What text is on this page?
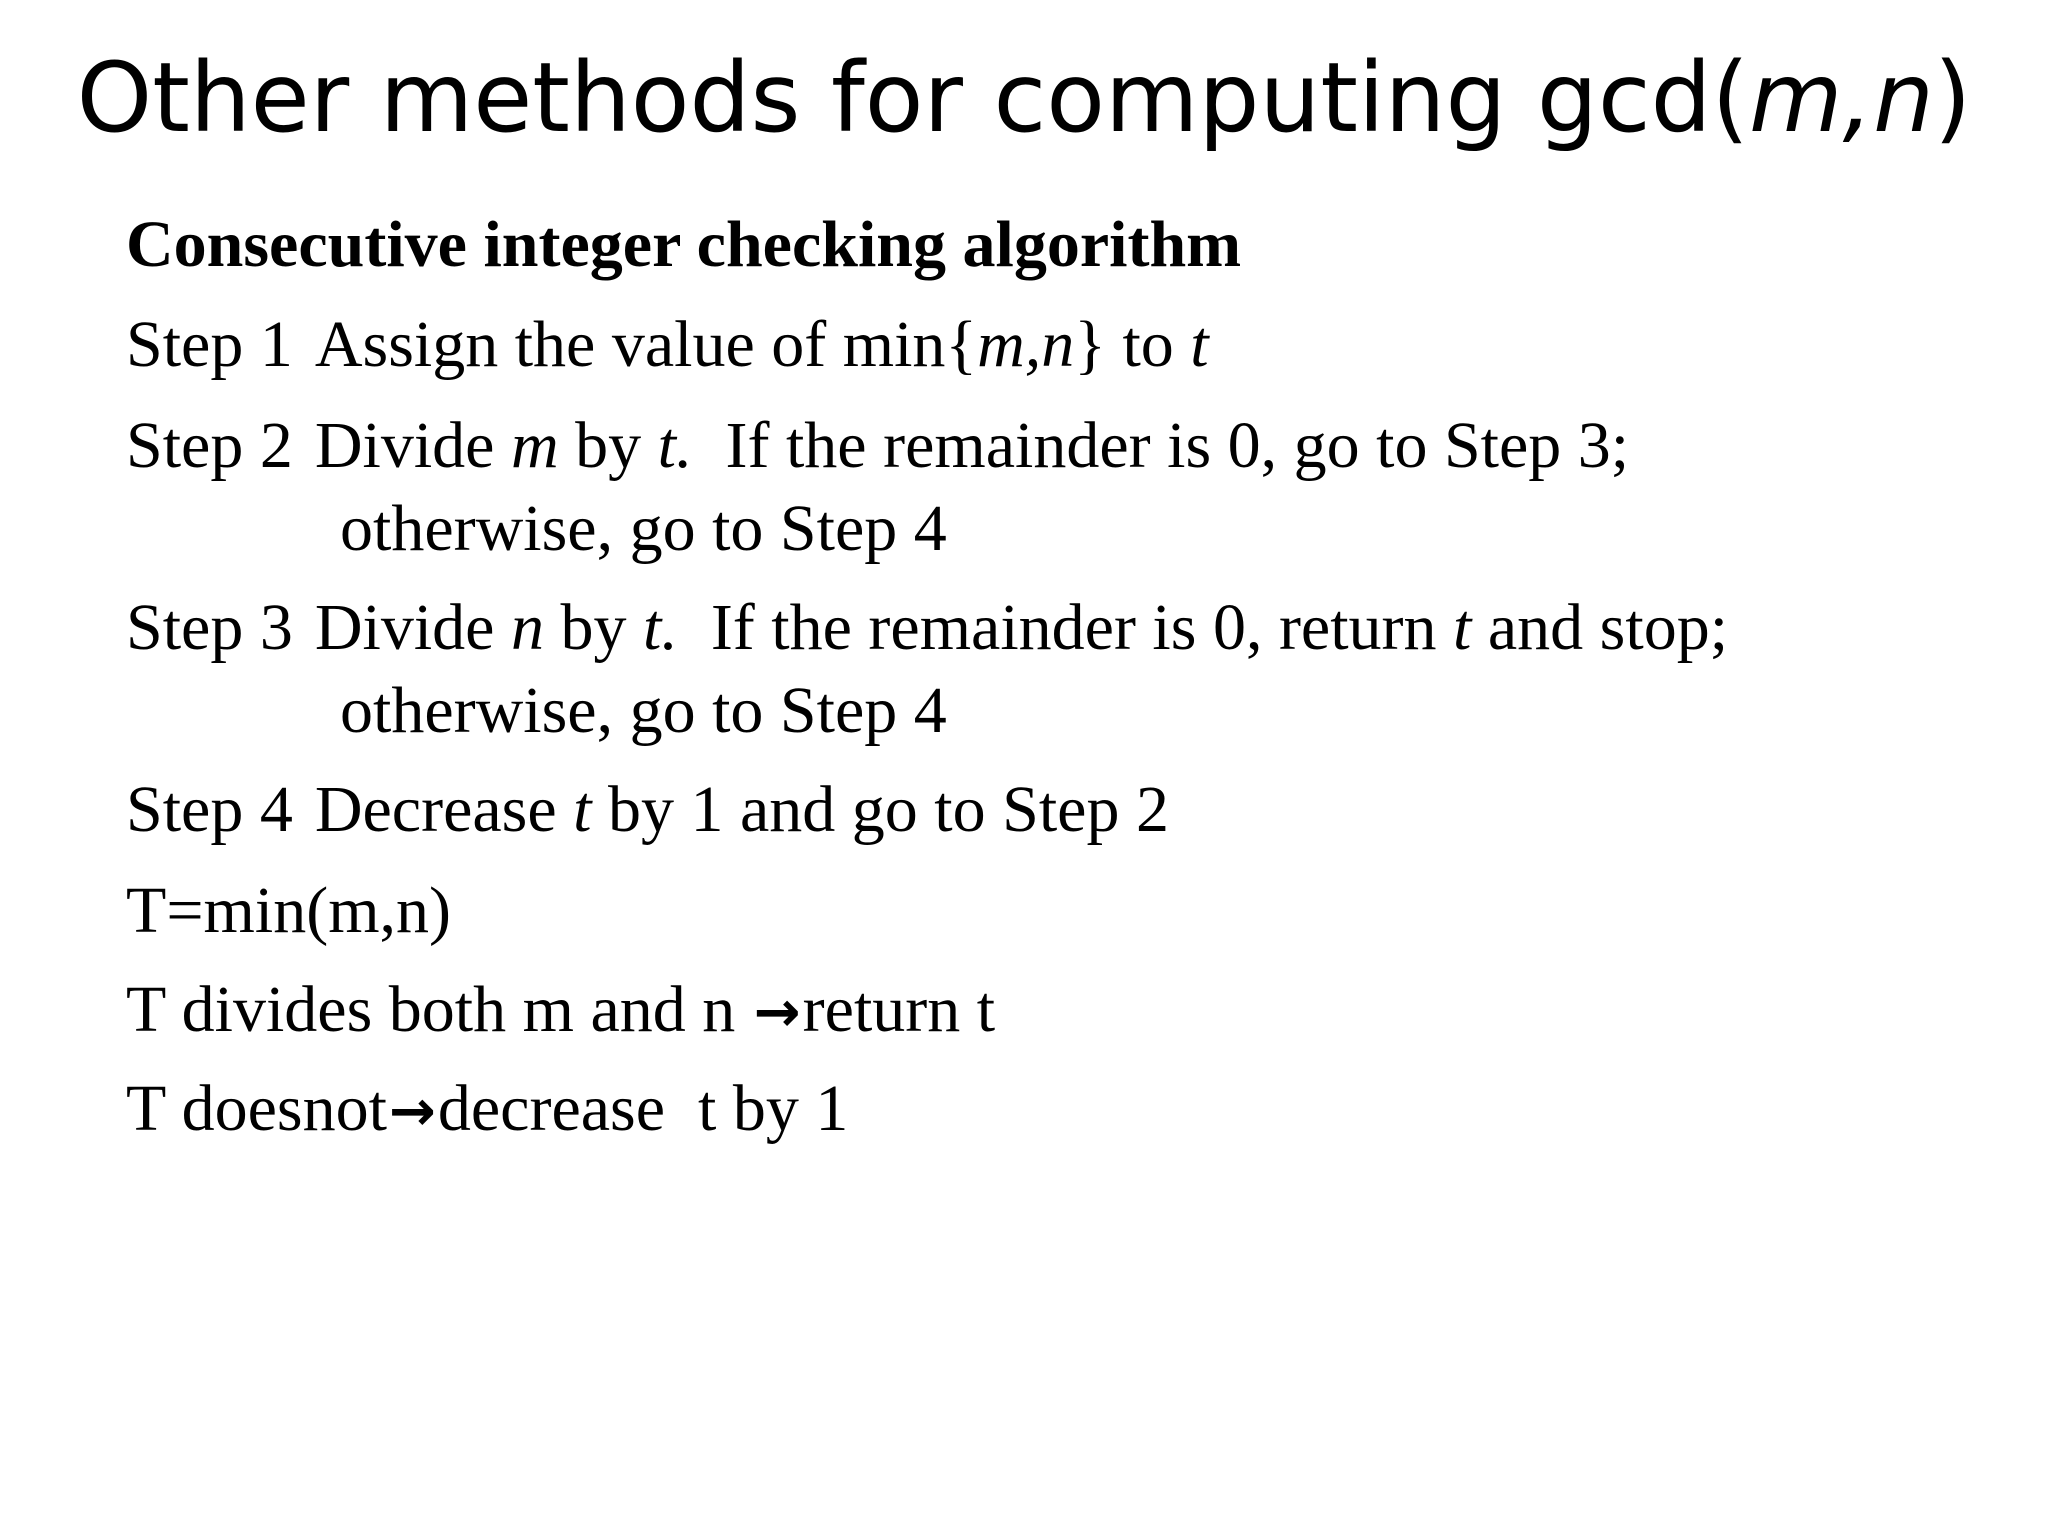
Other methods for computing gcd(m,n)
Consecutive integer checking algorithm
Step 1 Assign the value of min{m,n} to t
Step 2 Divide m by t.  If the remainder is 0, go to Step 3;
otherwise, go to Step 4
Step 3 Divide n by t.  If the remainder is 0, return t and stop;
otherwise, go to Step 4
Step 4 Decrease t by 1 and go to Step 2
T=min(m,n)
T divides both m and n →return t
T doesnot→decrease  t by 1
